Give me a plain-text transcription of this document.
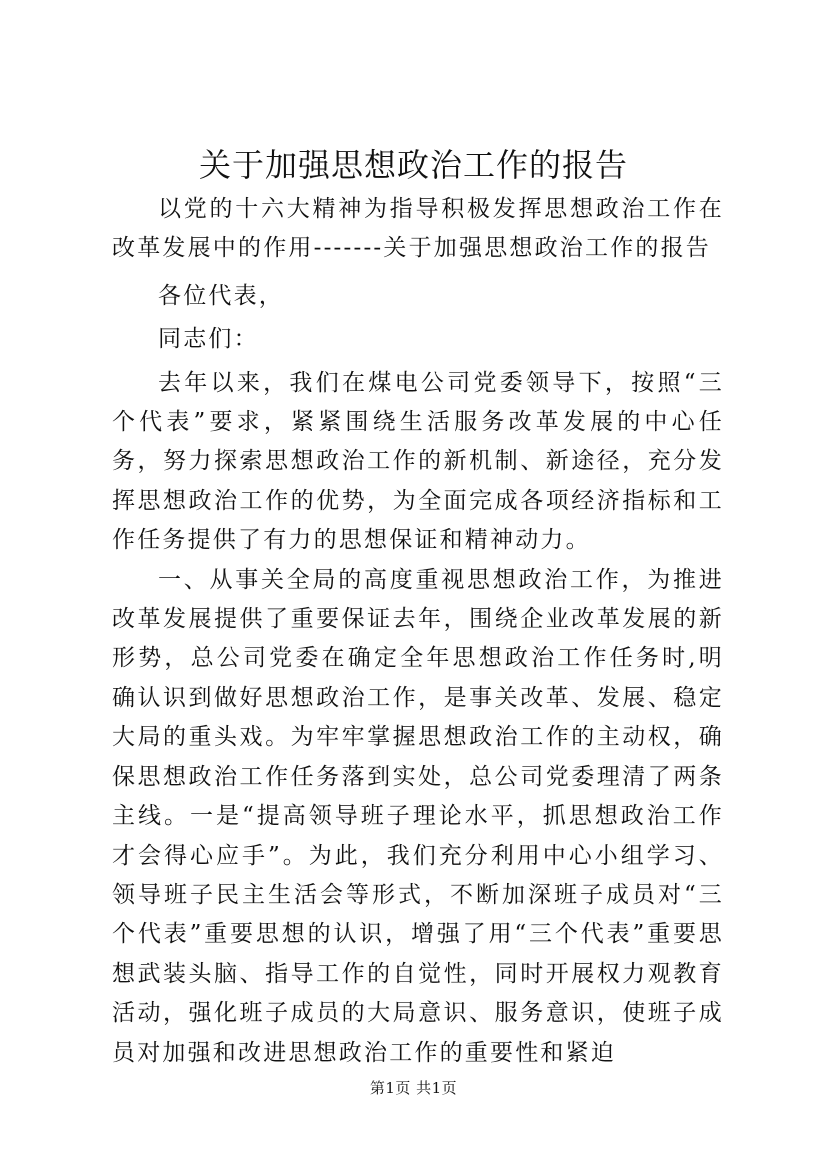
关于加强思想政治工作的报告

以党的十六大精神为指导积极发挥思想政治工作在改革发展中的作用-------关于加强思想政治工作的报告

各位代表，

同志们：

去年以来，我们在煤电公司党委领导下，按照“三个代表”要求，紧紧围绕生活服务改革发展的中心任务，努力探索思想政治工作的新机制、新途径，充分发挥思想政治工作的优势，为全面完成各项经济指标和工作任务提供了有力的思想保证和精神动力。

一、从事关全局的高度重视思想政治工作，为推进改革发展提供了重要保证去年，围绕企业改革发展的新形势，总公司党委在确定全年思想政治工作任务时,明确认识到做好思想政治工作，是事关改革、发展、稳定大局的重头戏。为牢牢掌握思想政治工作的主动权，确保思想政治工作任务落到实处，总公司党委理清了两条主线。一是“提高领导班子理论水平，抓思想政治工作才会得心应手”。为此，我们充分利用中心小组学习、领导班子民主生活会等形式，不断加深班子成员对“三个代表”重要思想的认识，增强了用“三个代表”重要思想武装头脑、指导工作的自觉性，同时开展权力观教育活动，强化班子成员的大局意识、服务意识，使班子成员对加强和改进思想政治工作的重要性和紧迫

第1页 共1页
